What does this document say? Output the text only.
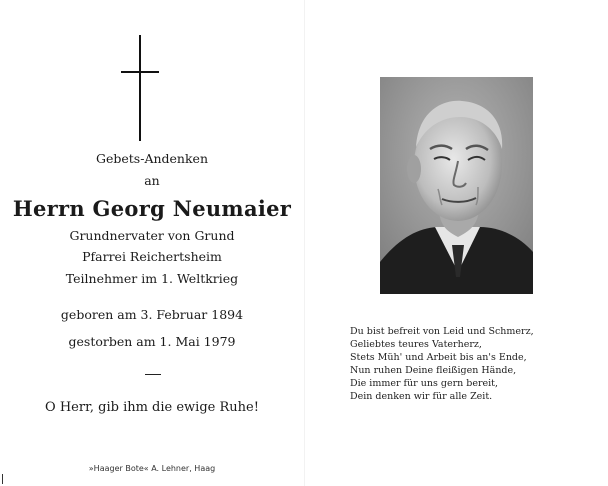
Gebets-Andenken
an
Herrn Georg Neumaier
Grundnervater von Grund
Pfarrei Reichertsheim
Teilnehmer im 1. Weltkrieg
geboren am 3. Februar 1894
gestorben am 1. Mai 1979
O Herr, gib ihm die ewige Ruhe!
»Haager Bote« A. Lehner, Haag
Du bist befreit von Leid und Schmerz,
Geliebtes teures Vaterherz,
Stets Müh' und Arbeit bis an's Ende,
Nun ruhen Deine fleißigen Hände,
Die immer für uns gern bereit,
Dein denken wir für alle Zeit.
